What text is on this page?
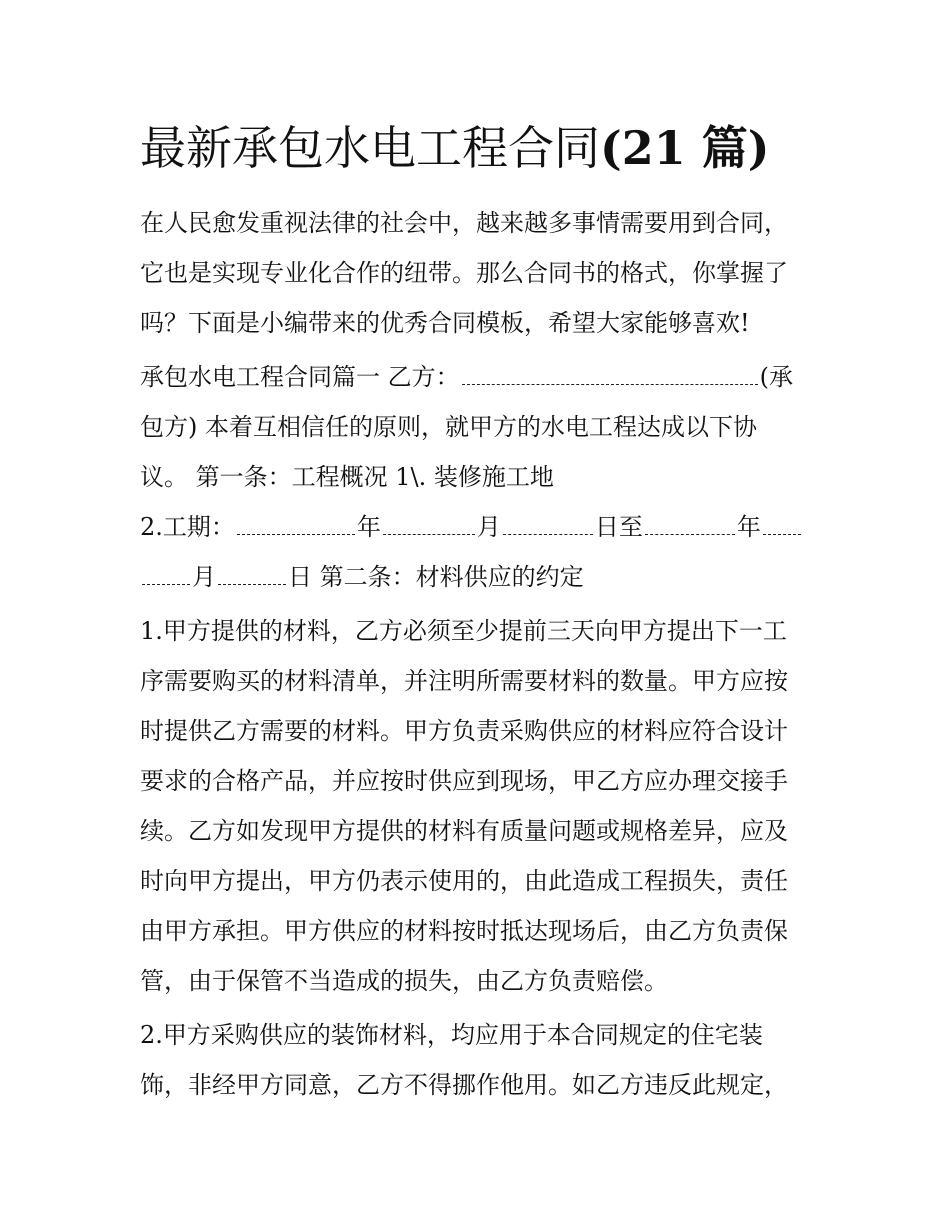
最新承包水电工程合同(21 篇)

在人民愈发重视法律的社会中，越来越多事情需要用到合同，

它也是实现专业化合作的纽带。那么合同书的格式，你掌握了

吗？下面是小编带来的优秀合同模板，希望大家能够喜欢!

承包水电工程合同篇一 乙方：	(承

包方) 本着互相信任的原则，就甲方的水电工程达成以下协

议。 第一条：工程概况 1\. 装修施工地

2.工期：	年	月	日至	年

月	日 第二条：材料供应的约定

1.甲方提供的材料，乙方必须至少提前三天向甲方提出下一工

序需要购买的材料清单，并注明所需要材料的数量。甲方应按

时提供乙方需要的材料。甲方负责采购供应的材料应符合设计

要求的合格产品，并应按时供应到现场，甲乙方应办理交接手

续。乙方如发现甲方提供的材料有质量问题或规格差异，应及

时向甲方提出，甲方仍表示使用的，由此造成工程损失，责任

由甲方承担。甲方供应的材料按时抵达现场后，由乙方负责保

管，由于保管不当造成的损失，由乙方负责赔偿。

2.甲方采购供应的装饰材料，均应用于本合同规定的住宅装

饰，非经甲方同意，乙方不得挪作他用。如乙方违反此规定，
